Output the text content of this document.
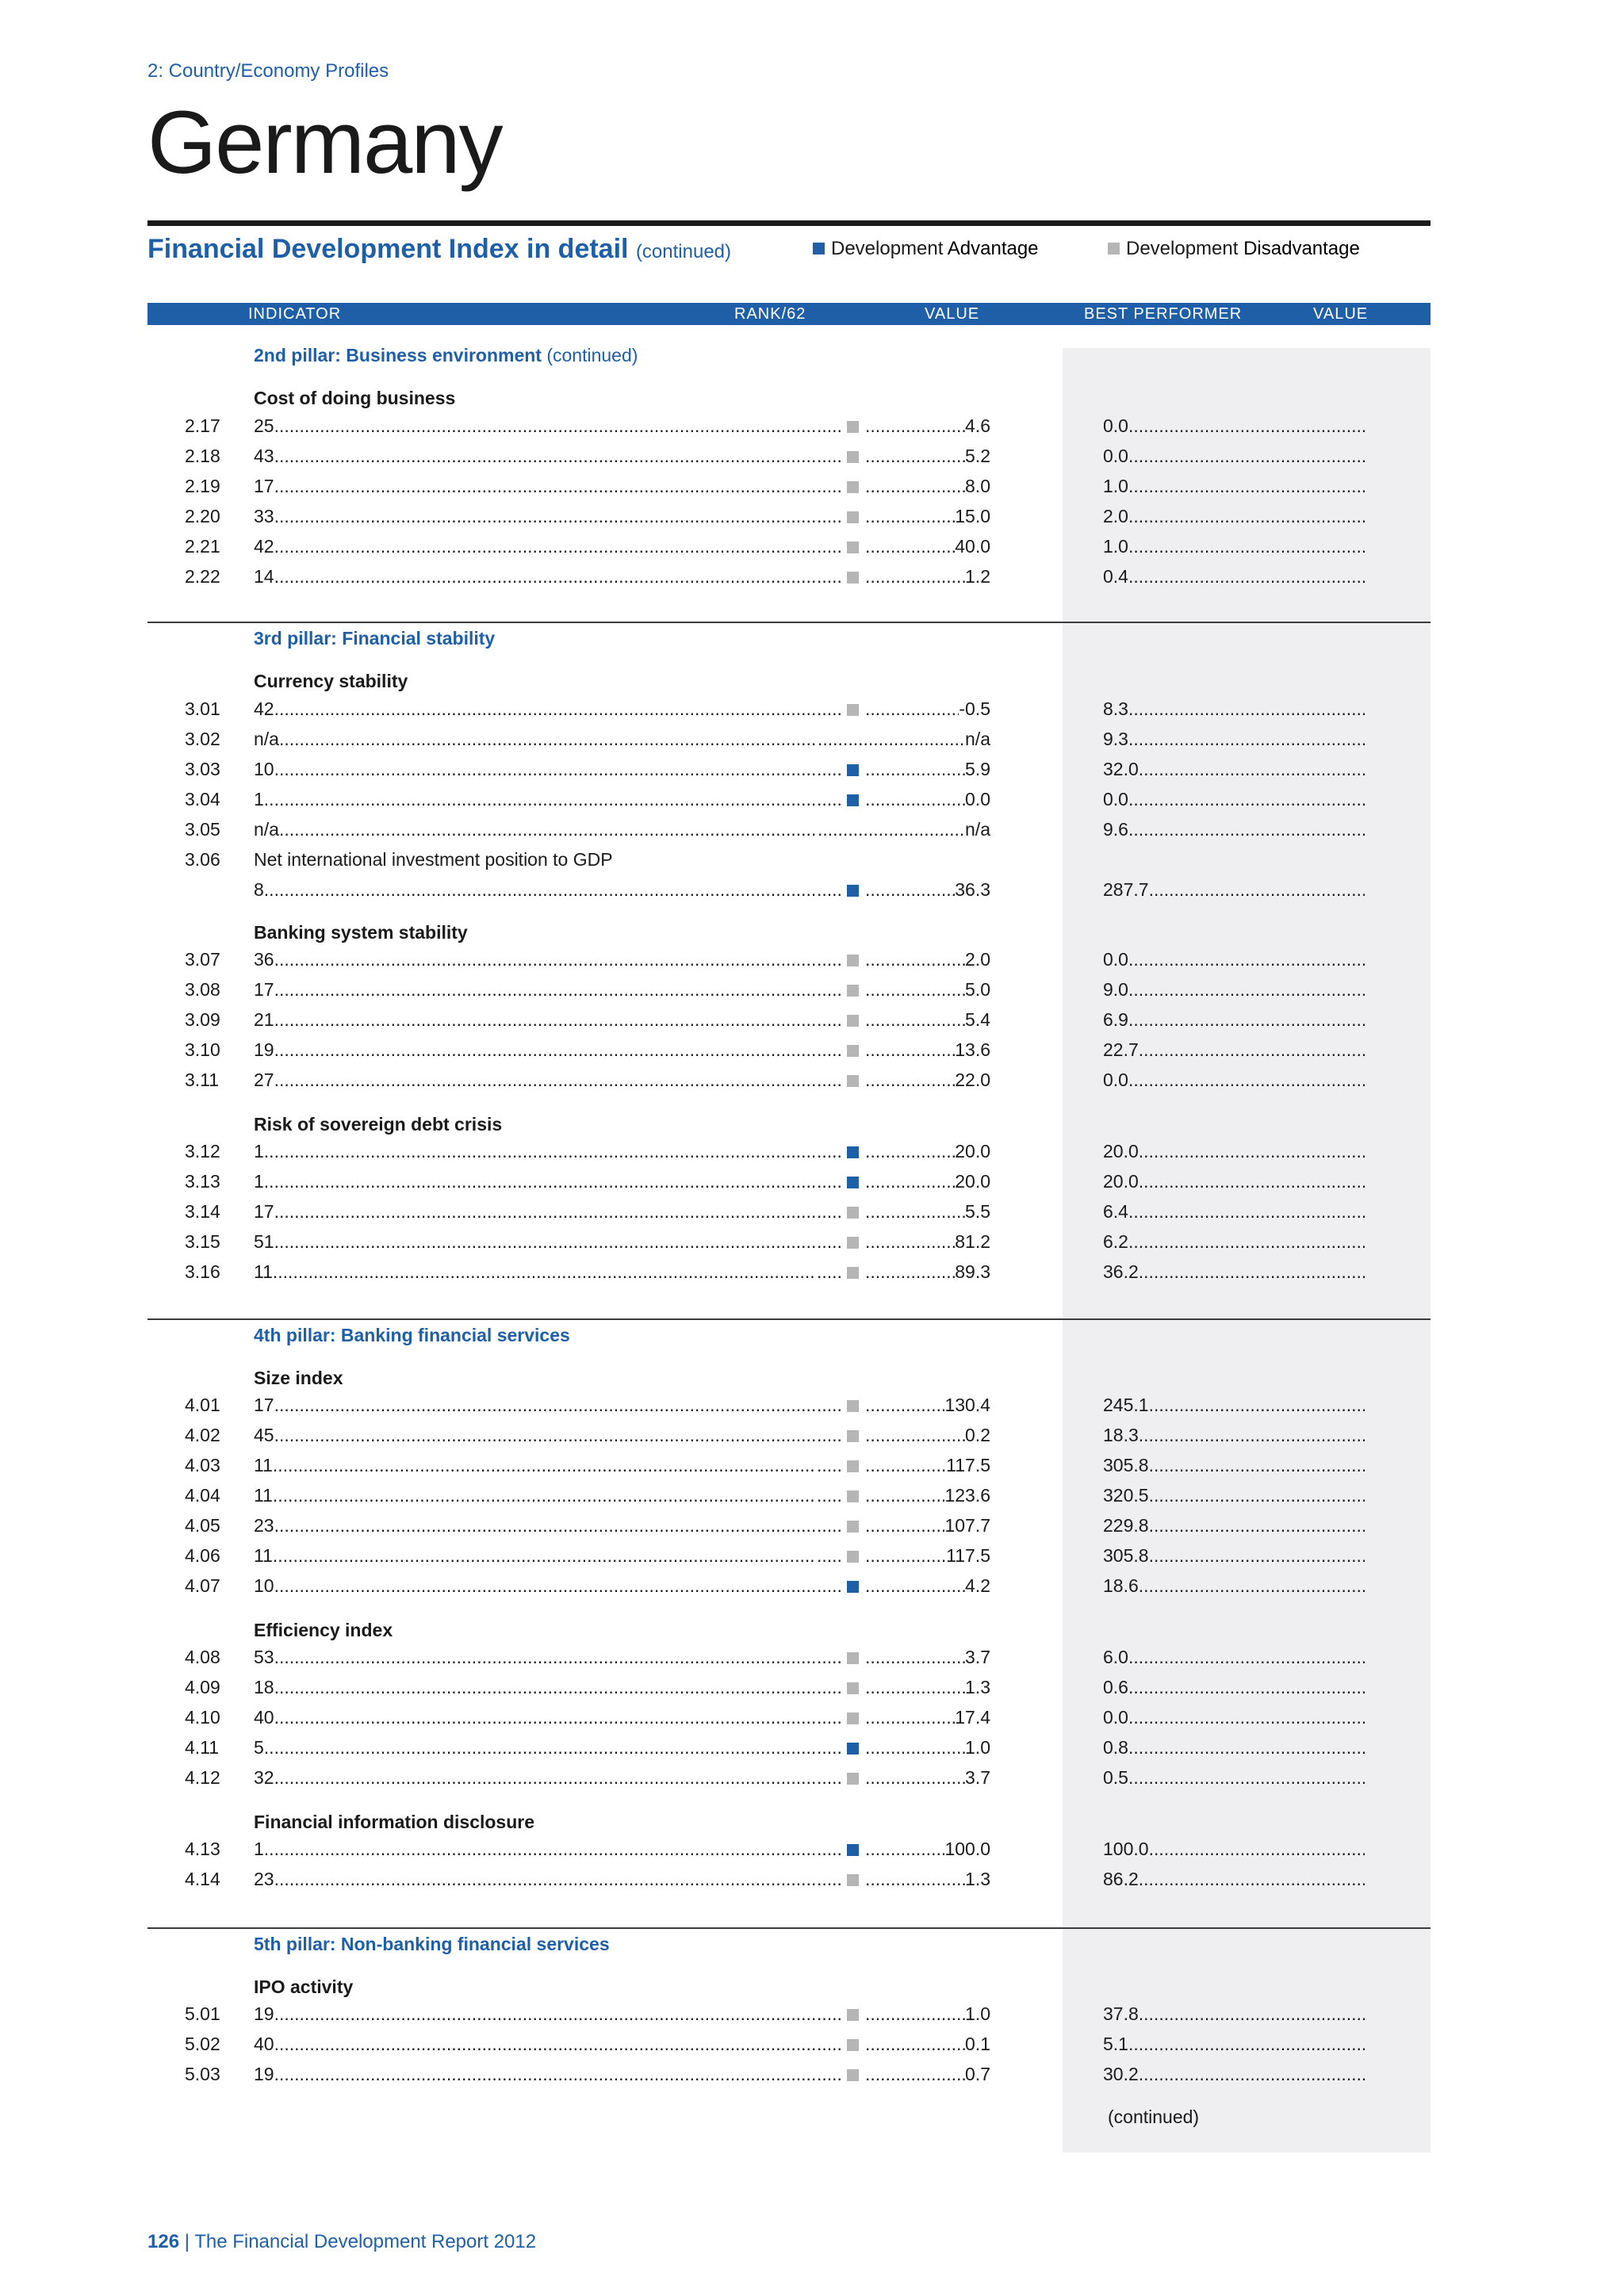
2: Country/Economy Profiles
Germany
Financial Development Index in detail (continued)	Development Advantage	Development Disadvantage
INDICATOR	RANK/62	VALUE	BEST PERFORMER	VALUE
2nd pillar: Business environment (continued)
3rd pillar: Financial stability
4th pillar: Banking financial services
5th pillar: Non-banking financial services
Cost of doing business
Currency stability
Banking system stability
Risk of sovereign debt crisis
Size index
Efficiency index
Financial information disclosure
IPO activity
2.17 25 ..... ..... .....	4.6	0.0
.....
2.18 43 ..... ..... .....	5.2	0.0
.....
2.19 17 ..... ..... .....	8.0	1.0
.....
2.20 33 ..... ..... .....	15.0	2.0
.....
2.21 42 ..... ..... .....	40.0	1.0
.....
2.22 14 ..... ..... .....	1.2	0.4
.....
3.01 42 ..... ..... .....	-0.5	8.3
.....
3.02 n/a ..... .....	n/a	9.3
.....
3.03 10 ..... ..... .....	5.9	32.0
.....
3.04 1 ..... ..... .....	0.0	0.0
.....
3.05 n/a ..... .....	n/a	9.6
.....
3.06 Net international investment position to GDP
8 ..... ..... .....	36.3	287.7
.....
3.07 36 ..... ..... .....	2.0	0.0
.....
3.08 17 ..... ..... .....	5.0	9.0
.....
3.09 21 ..... ..... .....	5.4	6.9
.....
3.10 19 ..... ..... .....	13.6	22.7
.....
3.11 27 ..... ..... .....	22.0	0.0
.....
3.12 1 ..... ..... .....	20.0	20.0
.....
3.13 1 ..... ..... .....	20.0	20.0
.....
3.14 17 ..... ..... .....	5.5	6.4
.....
3.15 51 ..... ..... .....	81.2	6.2
.....
3.16 11 ..... ..... .....	89.3	36.2
.....
4.01 17 ..... ..... .....	130.4	245.1
.....
4.02 45 ..... ..... .....	0.2	18.3
.....
4.03 11 ..... ..... .....	117.5	305.8
.....
4.04 11 ..... ..... .....	123.6	320.5
.....
4.05 23 ..... ..... .....	107.7	229.8
.....
4.06 11 ..... ..... .....	117.5	305.8
.....
4.07 10 ..... ..... .....	4.2	18.6
.....
4.08 53 ..... ..... .....	3.7	6.0
.....
4.09 18 ..... ..... .....	1.3	0.6
.....
4.10 40 ..... ..... .....	17.4	0.0
.....
4.11 5 ..... ..... .....	1.0	0.8
.....
4.12 32 ..... ..... .....	3.7	0.5
.....
4.13 1 ..... ..... .....	100.0	100.0
.....
4.14 23 ..... ..... .....	1.3	86.2
.....
5.01 19 ..... ..... .....	1.0	37.8
.....
5.02 40 ..... ..... .....	0.1	5.1
.....
5.03 19 ..... ..... .....	0.7	30.2
.....
(continued)
126 | The Financial Development Report 2012
